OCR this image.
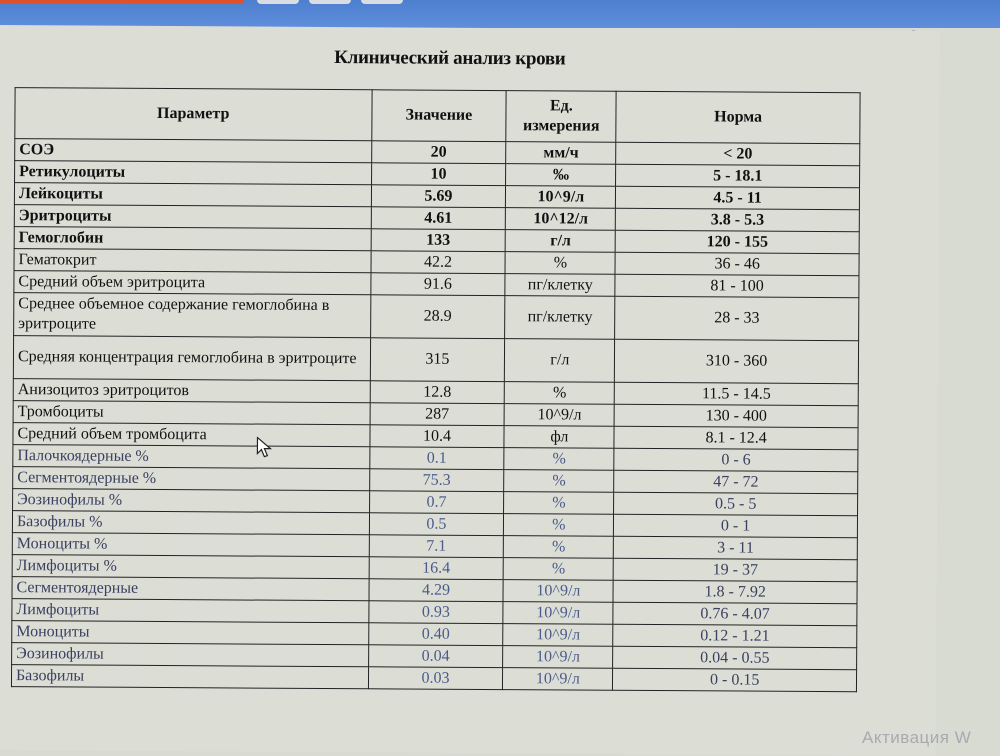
Клинический анализ крови
Параметр	Значение	Ед. измерения	Норма
СОЭ	20	мм/ч	< 20
Ретикулоциты	10	‰	5 - 18.1
Лейкоциты	5.69	10^9/л	4.5 - 11
Эритроциты	4.61	10^12/л	3.8 - 5.3
Гемоглобин	133	г/л	120 - 155
Гематокрит	42.2	%	36 - 46
Средний объем эритроцита	91.6	пг/клетку	81 - 100
Среднее объемное содержание гемоглобина в эритроците	28.9	пг/клетку	28 - 33
Средняя концентрация гемоглобина в эритроците	315	г/л	310 - 360
Анизоцитоз эритроцитов	12.8	%	11.5 - 14.5
Тромбоциты	287	10^9/л	130 - 400
Средний объем тромбоцита	10.4	фл	8.1 - 12.4
Палочкоядерные %	0.1	%	0 - 6
Сегментоядерные %	75.3	%	47 - 72
Эозинофилы %	0.7	%	0.5 - 5
Базофилы %	0.5	%	0 - 1
Моноциты %	7.1	%	3 - 11
Лимфоциты %	16.4	%	19 - 37
Сегментоядерные	4.29	10^9/л	1.8 - 7.92
Лимфоциты	0.93	10^9/л	0.76 - 4.07
Моноциты	0.40	10^9/л	0.12 - 1.21
Эозинофилы	0.04	10^9/л	0.04 - 0.55
Базофилы	0.03	10^9/л	0 - 0.15
Активация W
